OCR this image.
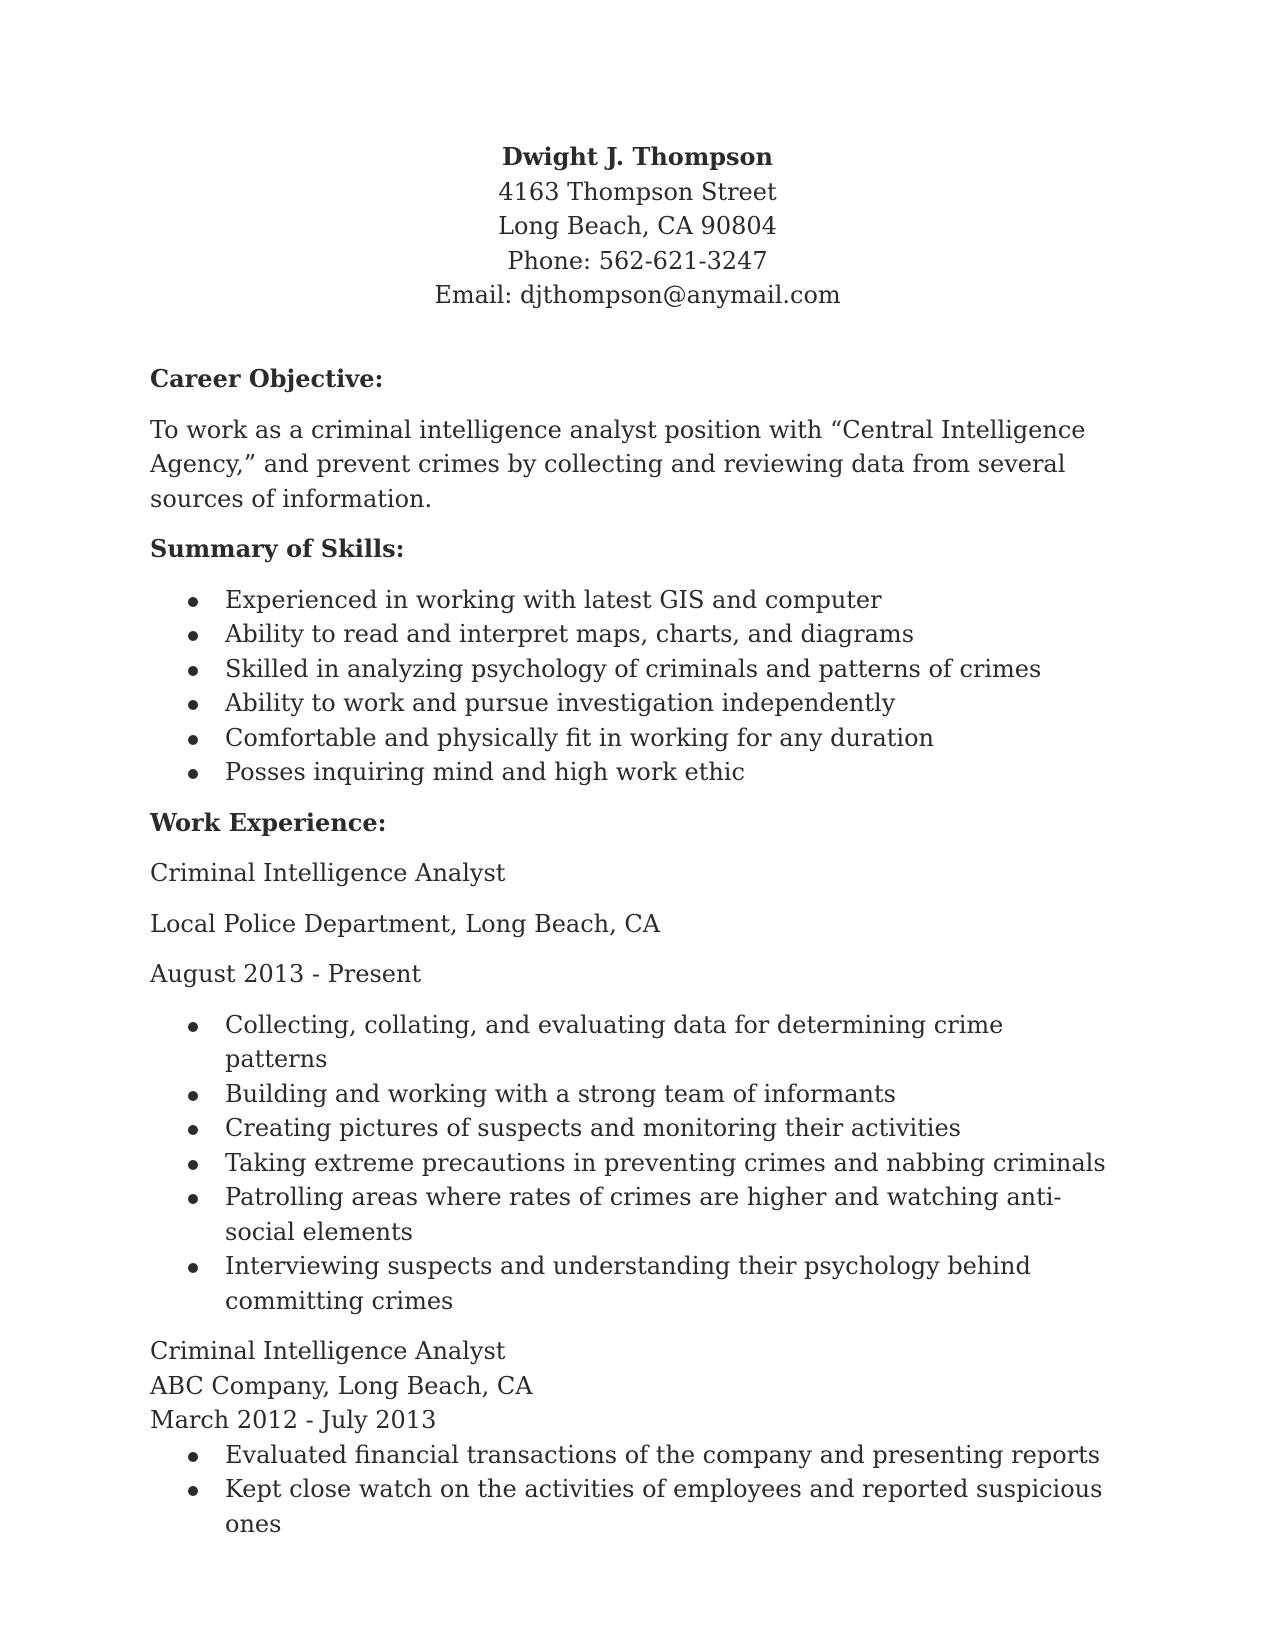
Dwight J. Thompson
4163 Thompson Street
Long Beach, CA 90804
Phone: 562-621-3247
Email: djthompson@anymail.com

Career Objective:

To work as a criminal intelligence analyst position with “Central Intelligence Agency,” and prevent crimes by collecting and reviewing data from several sources of information.

Summary of Skills:

Experienced in working with latest GIS and computer
Ability to read and interpret maps, charts, and diagrams
Skilled in analyzing psychology of criminals and patterns of crimes
Ability to work and pursue investigation independently
Comfortable and physically fit in working for any duration
Posses inquiring mind and high work ethic

Work Experience:

Criminal Intelligence Analyst

Local Police Department, Long Beach, CA

August 2013 - Present

Collecting, collating, and evaluating data for determining crime patterns
Building and working with a strong team of informants
Creating pictures of suspects and monitoring their activities
Taking extreme precautions in preventing crimes and nabbing criminals
Patrolling areas where rates of crimes are higher and watching anti-social elements
Interviewing suspects and understanding their psychology behind committing crimes

Criminal Intelligence Analyst

ABC Company, Long Beach, CA

March 2012 - July 2013

Evaluated financial transactions of the company and presenting reports
Kept close watch on the activities of employees and reported suspicious ones
